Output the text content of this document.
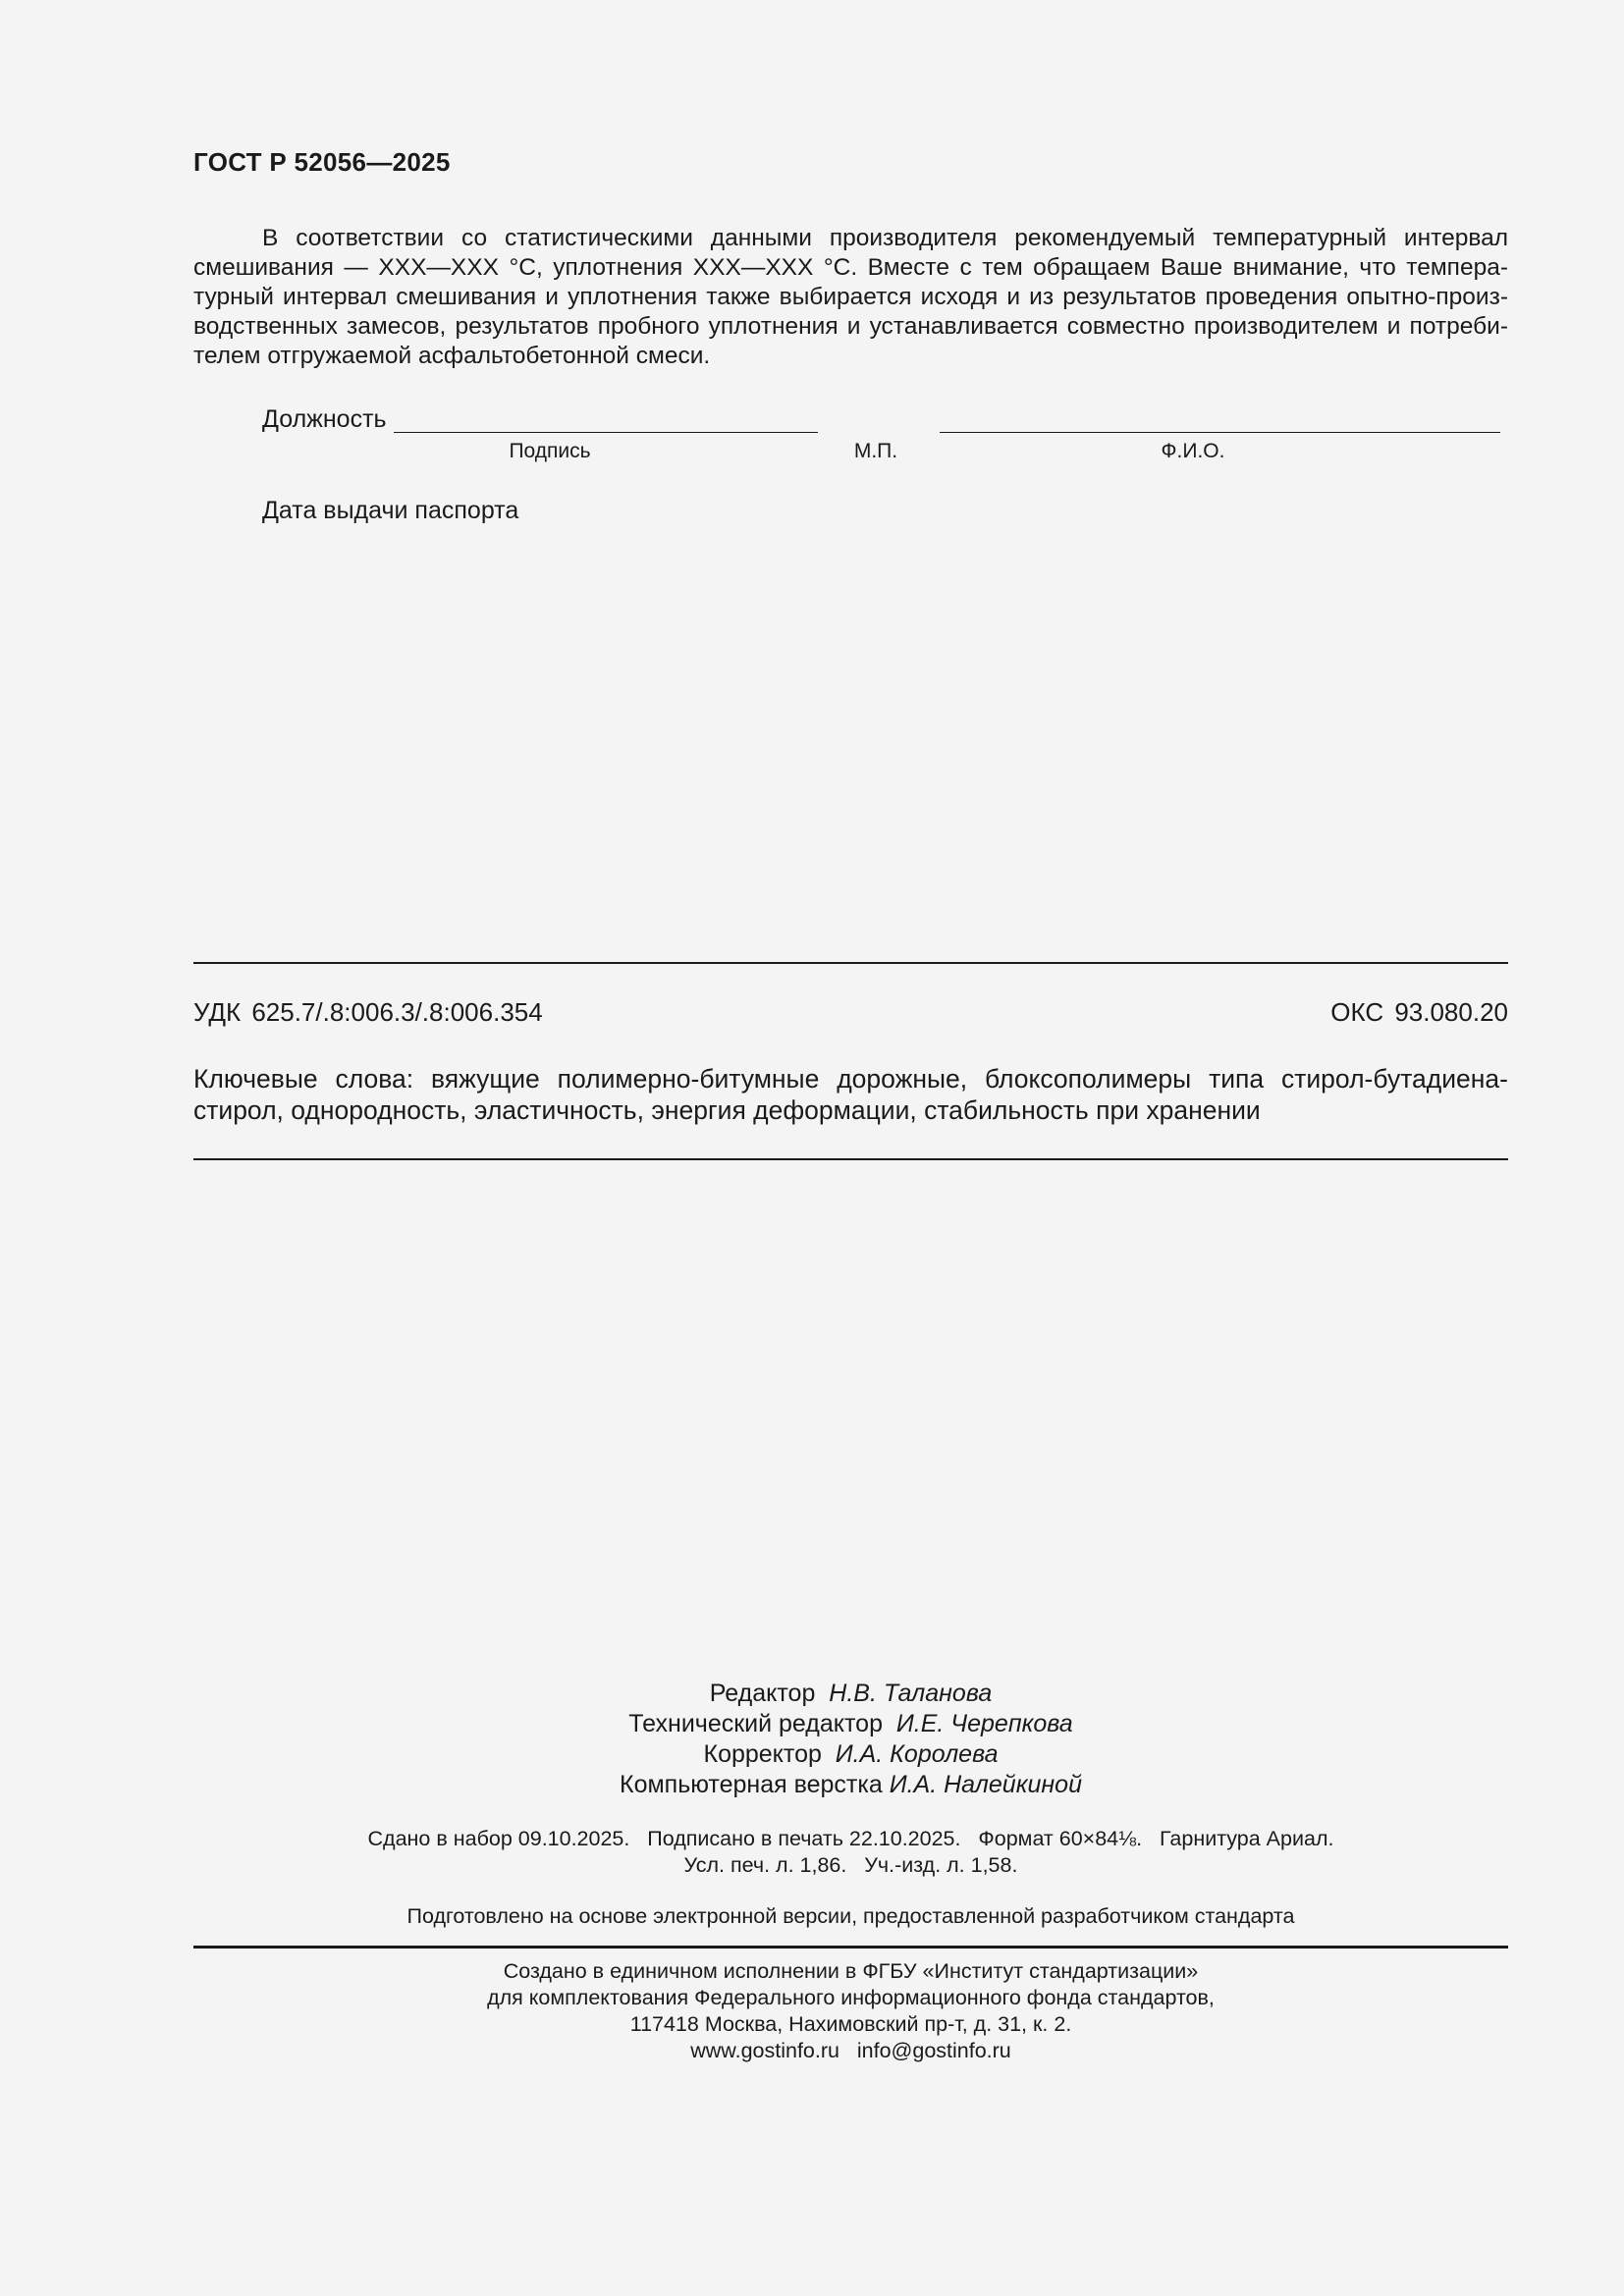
ГОСТ Р 52056—2025

В соответствии со статистическими данными производителя рекомендуемый температурный интервал смешивания — ХХХ—ХХХ °С, уплотнения ХХХ—ХХХ °С. Вместе с тем обращаем Ваше внимание, что темпера- турный интервал смешивания и уплотнения также выбирается исходя и из результатов проведения опытно-произ- водственных замесов, результатов пробного уплотнения и устанавливается совместно производителем и потреби- телем отгружаемой асфальтобетонной смеси.

Должность
Подпись	М.П.	Ф.И.О.
Дата выдачи паспорта
УДК 625.7/.8:006.3/.8:006.354	ОКС 93.080.20

Ключевые слова: вяжущие полимерно-битумные дорожные, блоксополимеры типа стирол-бутадиена- стирол, однородность, эластичность, энергия деформации, стабильность при хранении

Редактор Н.В. Таланова
Технический редактор И.Е. Черепкова
Корректор И.А. Королева
Компьютерная верстка И.А. Налейкиной
Сдано в набор 09.10.2025.   Подписано в печать 22.10.2025.   Формат 60×84⅛.   Гарнитура Ариал.
Усл. печ. л. 1,86.   Уч.-изд. л. 1,58.
Подготовлено на основе электронной версии, предоставленной разработчиком стандарта
Создано в единичном исполнении в ФГБУ «Институт стандартизации»
для комплектования Федерального информационного фонда стандартов,
117418 Москва, Нахимовский пр-т, д. 31, к. 2.
www.gostinfo.ru   info@gostinfo.ru
